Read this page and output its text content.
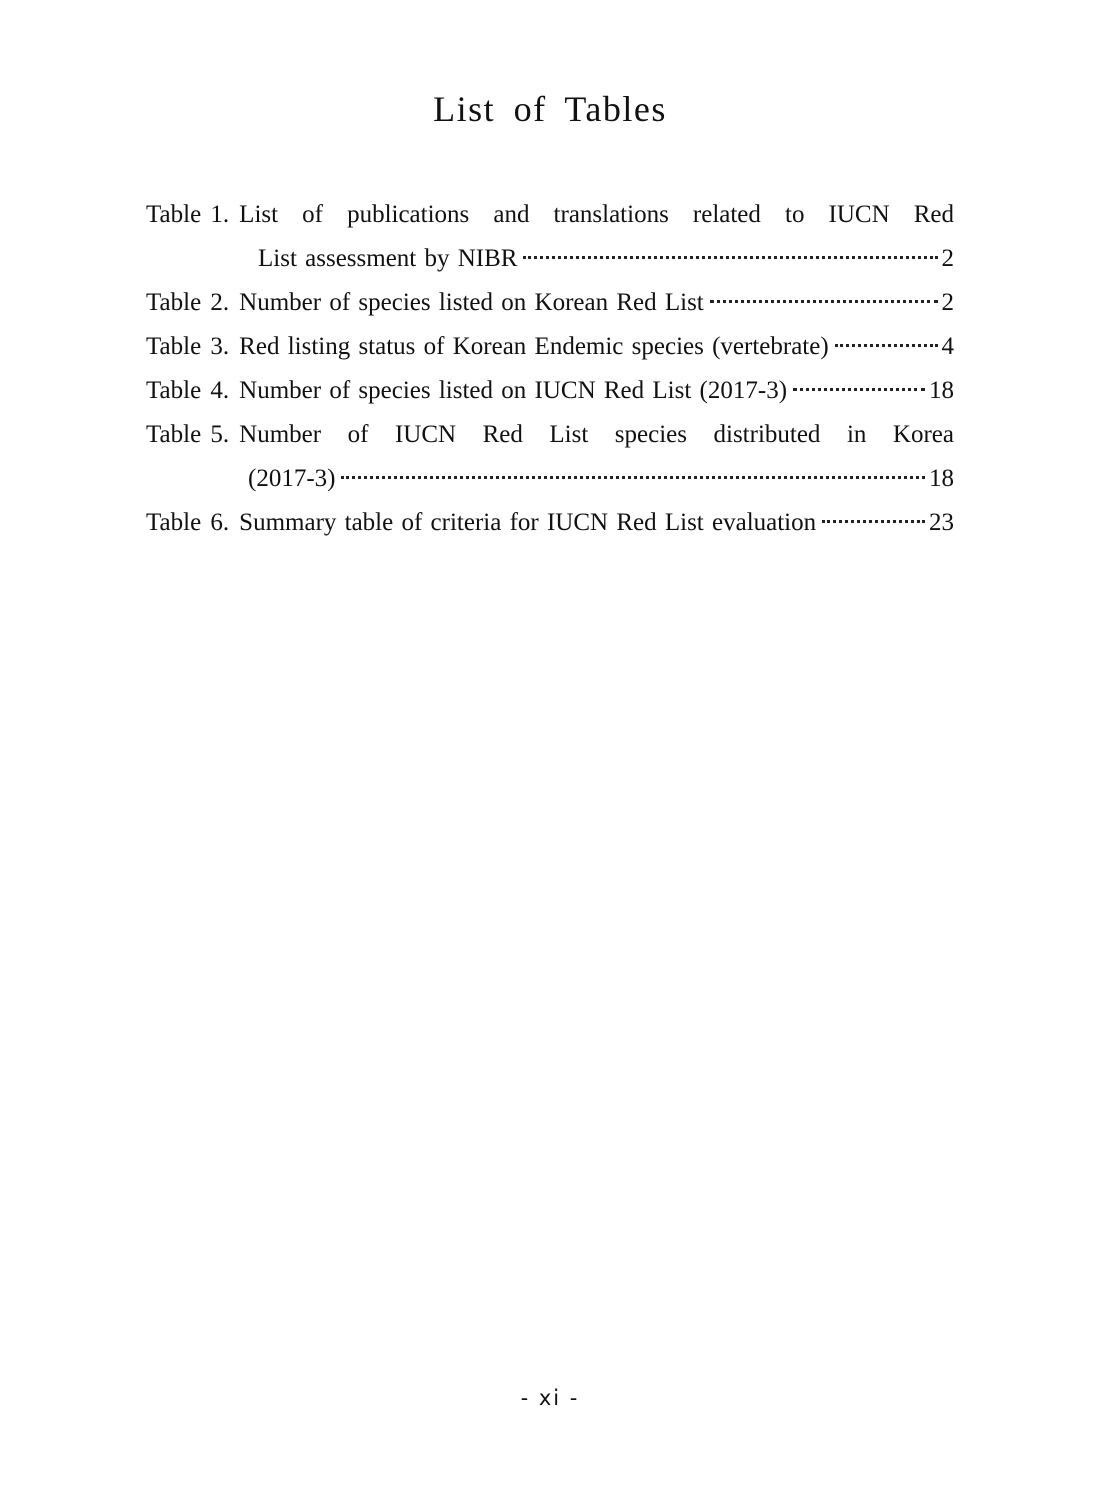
List of Tables
Table 1. List of publications and translations related to IUCN Red
List assessment by NIBR	2
Table 2. Number of species listed on Korean Red List	2
Table 3. Red listing status of Korean Endemic species (vertebrate)	4
Table 4. Number of species listed on IUCN Red List (2017-3)	18
Table 5. Number of IUCN Red List species distributed in Korea
(2017-3)	18
Table 6. Summary table of criteria for IUCN Red List evaluation	23
- xi -
